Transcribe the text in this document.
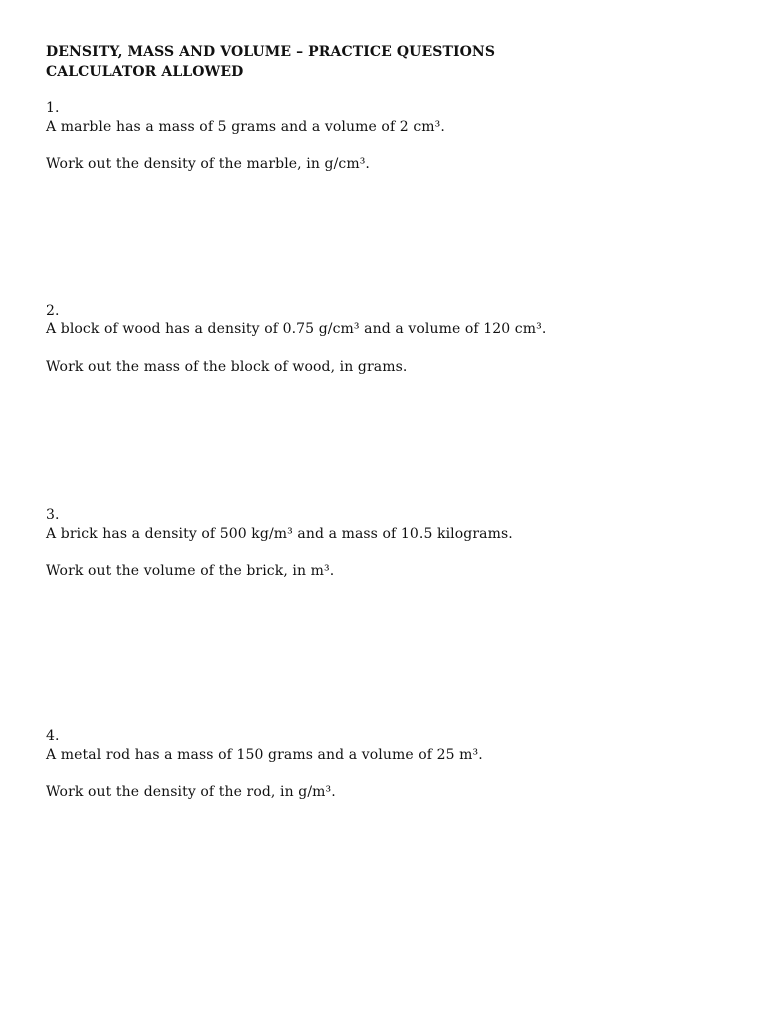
DENSITY, MASS AND VOLUME – PRACTICE QUESTIONS
CALCULATOR ALLOWED
1.
A marble has a mass of 5 grams and a volume of 2 cm³.
Work out the density of the marble, in g/cm³.
2.
A block of wood has a density of 0.75 g/cm³ and a volume of 120 cm³.
Work out the mass of the block of wood, in grams.
3.
A brick has a density of 500 kg/m³ and a mass of 10.5 kilograms.
Work out the volume of the brick, in m³.
4.
A metal rod has a mass of 150 grams and a volume of 25 m³.
Work out the density of the rod, in g/m³.
